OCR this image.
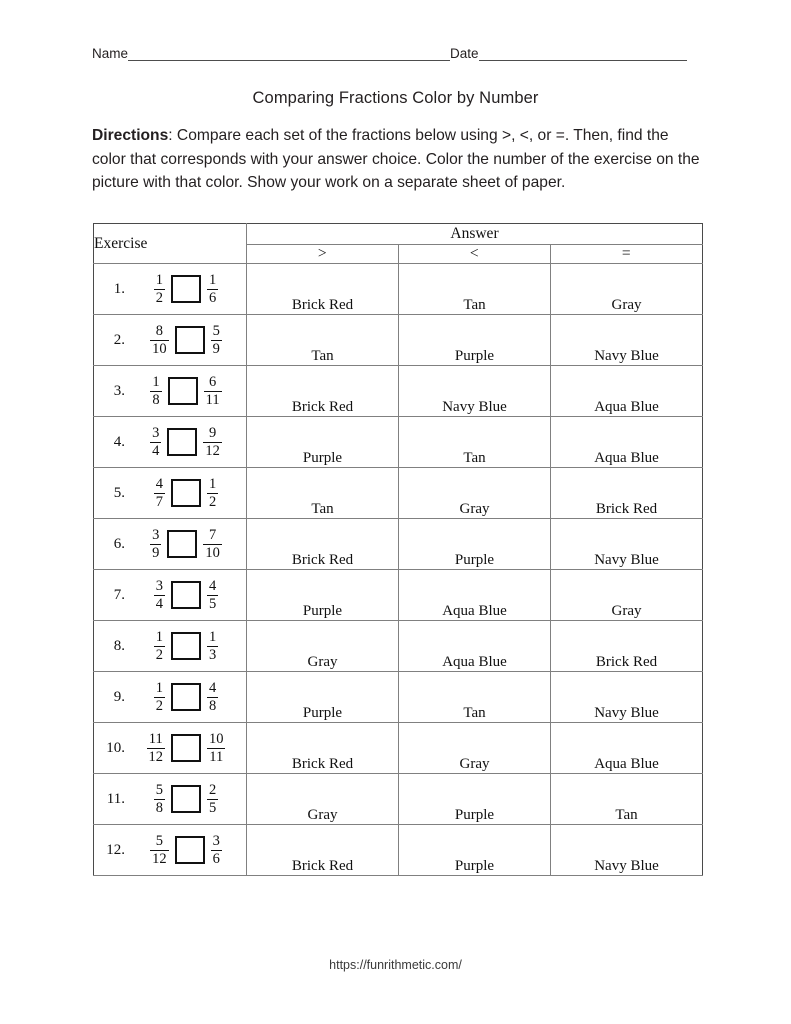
Name	Date
Comparing Fractions Color by Number
Directions: Compare each set of the fractions below using >, <, or =. Then, find the color that corresponds with your answer choice. Color the number of the exercise on the picture with that color. Show your work on a separate sheet of paper.
Exercise	Answer		
	>	<	=

1. $\frac{1}{2} \frac{1}{6}$	Brick Red	Tan	Gray

2. $\frac{8}{10} \frac{5}{9}$	Tan	Purple	Navy Blue

3. $\frac{1}{8} \frac{6}{11}$	Brick Red	Navy Blue	Aqua Blue

4. $\frac{3}{4} \frac{9}{12}$	Purple	Tan	Aqua Blue

5. $\frac{4}{7} \frac{1}{2}$	Tan	Gray	Brick Red

6. $\frac{3}{9} \frac{7}{10}$	Brick Red	Purple	Navy Blue

7. $\frac{3}{4} \frac{4}{5}$	Purple	Aqua Blue	Gray

8. $\frac{1}{2} \frac{1}{3}$	Gray	Aqua Blue	Brick Red

9. $\frac{1}{2} \frac{4}{8}$	Purple	Tan	Navy Blue

10. $\frac{11}{12} \frac{10}{11}$	Brick Red	Gray	Aqua Blue

11. $\frac{5}{8} \frac{2}{5}$	Gray	Purple	Tan

12. $\frac{5}{12} \frac{3}{6}$	Brick Red	Purple	Navy Blue
https://funrithmetic.com/
